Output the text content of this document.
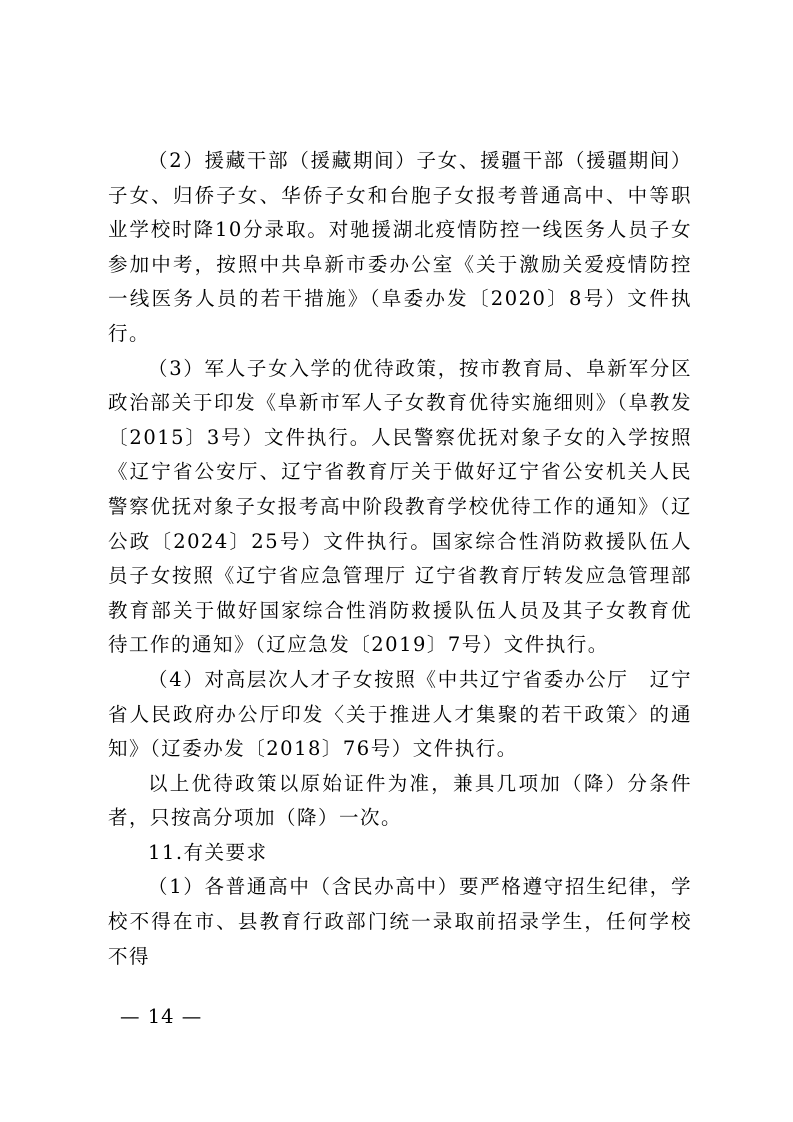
（2）援藏干部（援藏期间）子女、援疆干部（援疆期间）子女、归侨子女、华侨子女和台胞子女报考普通高中、中等职业学校时降10分录取。对驰援湖北疫情防控一线医务人员子女参加中考，按照中共阜新市委办公室《关于激励关爱疫情防控一线医务人员的若干措施》（阜委办发〔2020〕8号）文件执行。

（3）军人子女入学的优待政策，按市教育局、阜新军分区政治部关于印发《阜新市军人子女教育优待实施细则》（阜教发〔2015〕3号）文件执行。人民警察优抚对象子女的入学按照《辽宁省公安厅、辽宁省教育厅关于做好辽宁省公安机关人民警察优抚对象子女报考高中阶段教育学校优待工作的通知》（辽公政〔2024〕25号）文件执行。国家综合性消防救援队伍人员子女按照《辽宁省应急管理厅 辽宁省教育厅转发应急管理部 教育部关于做好国家综合性消防救援队伍人员及其子女教育优待工作的通知》（辽应急发〔2019〕7号）文件执行。

（4）对高层次人才子女按照《中共辽宁省委办公厅　辽宁省人民政府办公厅印发〈关于推进人才集聚的若干政策〉的通知》（辽委办发〔2018〕76号）文件执行。

以上优待政策以原始证件为准，兼具几项加（降）分条件者，只按高分项加（降）一次。

11.有关要求

（1）各普通高中（含民办高中）要严格遵守招生纪律，学校不得在市、县教育行政部门统一录取前招录学生，任何学校不得

— 14 —
